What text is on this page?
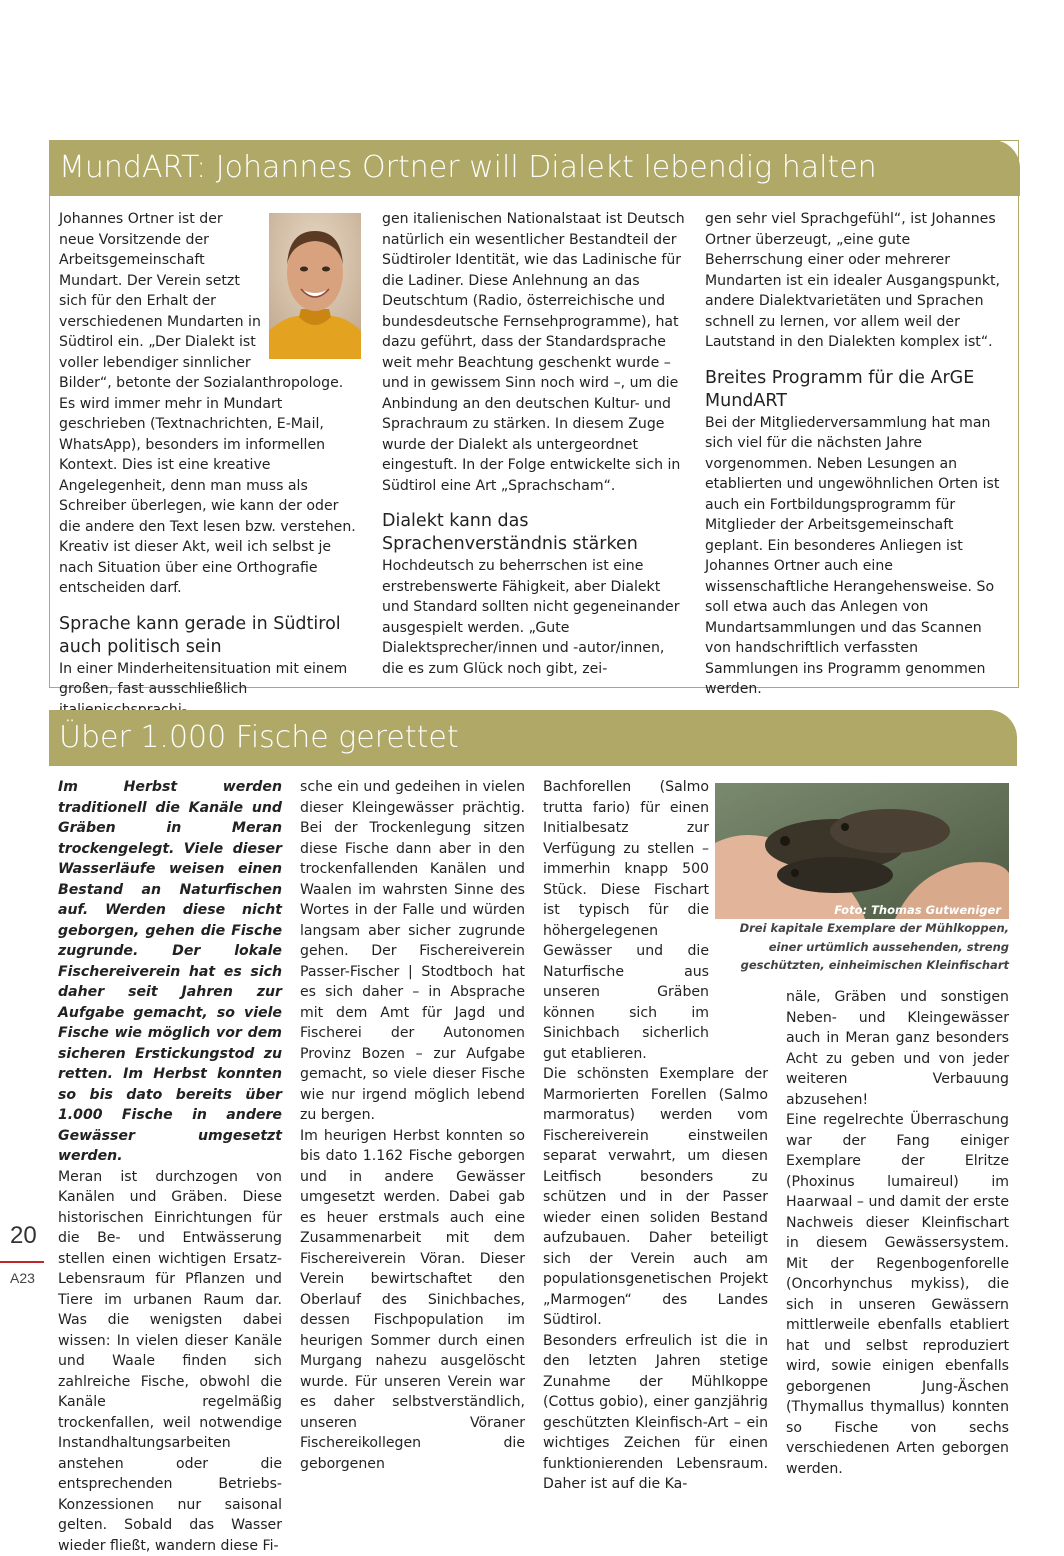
20
A23
MundART: Johannes Ortner will Dialekt lebendig halten

Johannes Ortner ist der neue Vorsitzende der Arbeitsgemeinschaft Mundart. Der Verein setzt sich für den Erhalt der verschiedenen Mundarten in Südtirol ein. „Der Dialekt ist voller lebendiger sinnlicher Bilder“, betonte der Sozialanthropologe.

Es wird immer mehr in Mundart geschrieben (Textnachrichten, E-Mail, WhatsApp), besonders im informellen Kontext. Dies ist eine kreative Angelegenheit, denn man muss als Schreiber überlegen, wie kann der oder die andere den Text lesen bzw. verstehen. Kreativ ist dieser Akt, weil ich selbst je nach Situation über eine Orthografie entscheiden darf.

Sprache kann gerade in Südtirol auch politisch sein

In einer Minderheitensituation mit einem großen, fast ausschließlich

gen italienischen Nationalstaat ist Deutsch natürlich ein wesentlicher Bestandteil der Südtiroler Identität, wie das Ladinische für die Ladiner. Diese Anlehnung an das Deutschtum (Radio, österreichische und bundesdeutsche Fernsehprogramme), hat dazu geführt, dass der Standardsprache weit mehr Beachtung geschenkt wurde – und in gewissem Sinn noch wird –, um die Anbindung an den deutschen Kultur- und Sprachraum zu stärken. In diesem Zuge wurde der Dialekt als untergeordnet eingestuft. In der Folge entwickelte sich in Südtirol eine Art „Sprachscham“.

Dialekt kann das Sprachenverständnis stärken

Hochdeutsch zu beherrschen ist eine erstrebenswerte Fähigkeit, aber Dialekt und Standard sollten nicht gegeneinander ausgespielt werden. „Gute Dialektsprecher/innen und -autor/innen, die es zum Glück noch gibt, zei-

gen sehr viel Sprachgefühl“, ist Johannes Ortner überzeugt, „eine gute Beherrschung einer oder mehrerer Mundarten ist ein idealer Ausgangspunkt, andere Dialektvarietäten und Sprachen schnell zu lernen, vor allem weil der Lautstand in den Dialekten komplex ist“.

Breites Programm für die ArGE MundART

Bei der Mitgliederversammlung hat man sich viel für die nächsten Jahre vorgenommen. Neben Lesungen an etablierten und ungewöhnlichen Orten ist auch ein Fortbildungsprogramm für Mitglieder der Arbeitsgemeinschaft geplant. Ein besonderes Anliegen ist Johannes Ortner auch eine wissenschaftliche Herangehensweise. So soll etwa auch das Anlegen von Mundartsammlungen und das Scannen von handschriftlich verfassten Sammlungen ins Programm genommen werden.

Über 1.000 Fische gerettet

Im Herbst werden traditionell die Kanäle und Gräben in Meran trockengelegt. Viele dieser Wasserläufe weisen einen Bestand an Naturfischen auf. Werden diese nicht geborgen, gehen die Fische zugrunde. Der lokale Fischereiverein hat es sich daher seit Jahren zur Aufgabe gemacht, so viele Fische wie möglich vor dem sicheren Erstickungstod zu retten. Im Herbst konnten so bis dato bereits über 1.000 Fische in andere Gewässer umgesetzt werden.

Meran ist durchzogen von Kanälen und Gräben. Diese historischen Einrichtungen für die Be- und Entwässerung stellen einen wichtigen Ersatz-Lebensraum für Pflanzen und Tiere im urbanen Raum dar. Was die wenigsten dabei wissen: In vielen dieser Kanäle und Waale finden sich zahlreiche Fische, obwohl die Kanäle regelmäßig trockenfallen, weil notwendige Instandhaltungsarbeiten anstehen oder die entsprechenden Betriebs-Konzessionen nur saisonal gelten. Sobald das Wasser wieder fließt, wandern diese Fi-

sche ein und gedeihen in vielen dieser Kleingewässer prächtig. Bei der Trockenlegung sitzen diese Fische dann aber in den trockenfallenden Kanälen und Waalen im wahrsten Sinne des Wortes in der Falle und würden langsam aber sicher zugrunde gehen. Der Fischereiverein Passer-Fischer | Stodtboch hat es sich daher – in Absprache mit dem Amt für Jagd und Fischerei der Autonomen Provinz Bozen – zur Aufgabe gemacht, so viele dieser Fische wie nur irgend möglich lebend zu bergen.

Im heurigen Herbst konnten so bis dato 1.162 Fische geborgen und in andere Gewässer umgesetzt werden. Dabei gab es heuer erstmals auch eine Zusammenarbeit mit dem Fischereiverein Vöran. Dieser Verein bewirtschaftet den Oberlauf des Sinichbaches, dessen Fischpopulation im heurigen Sommer durch einen Murgang nahezu ausgelöscht wurde. Für unseren Verein war es daher selbstverständlich, unseren Vöraner Fischereikollegen die geborgenen

Bachforellen (Salmo trutta fario) für einen Initialbesatz zur Verfügung zu stellen – immerhin knapp 500 Stück. Diese Fischart ist typisch für die höhergelegenen Gewässer und die Naturfische aus unseren Gräben können sich im Sinichbach sicherlich gut etablieren.

Die schönsten Exemplare der Marmorierten Forellen (Salmo marmoratus) werden vom Fischereiverein einstweilen separat verwahrt, um diesen Leitfisch besonders zu schützen und in der Passer wieder einen soliden Bestand aufzubauen. Daher beteiligt sich der Verein auch am populationsgenetischen Projekt „Marmogen“ des Landes Südtirol.

Besonders erfreulich ist die in den letzten Jahren stetige Zunahme der Mühlkoppe (Cottus gobio), einer ganzjährig geschützten Kleinfisch-Art – ein wichtiges Zeichen für einen funktionierenden Lebensraum. Daher ist auf die Ka-

Foto: Thomas Gutweniger
Drei kapitale Exemplare der Mühlkoppen, einer urtümlich aussehenden, streng geschützten, einheimischen Kleinfischart

näle, Gräben und sonstigen Neben- und Kleingewässer auch in Meran ganz besonders Acht zu geben und von jeder weiteren Verbauung abzusehen!

Eine regelrechte Überraschung war der Fang einiger Exemplare der Elritze (Phoxinus lumaireul) im Haarwaal – und damit der erste Nachweis dieser Kleinfischart in diesem Gewässersystem. Mit der Regenbogenforelle (Oncorhynchus mykiss), die sich in unseren Gewässern mittlerweile ebenfalls etabliert hat und selbst reproduziert wird, sowie einigen ebenfalls geborgenen Jung-Äschen (Thymallus thymallus) konnten so Fische von sechs verschiedenen Arten geborgen werden.
